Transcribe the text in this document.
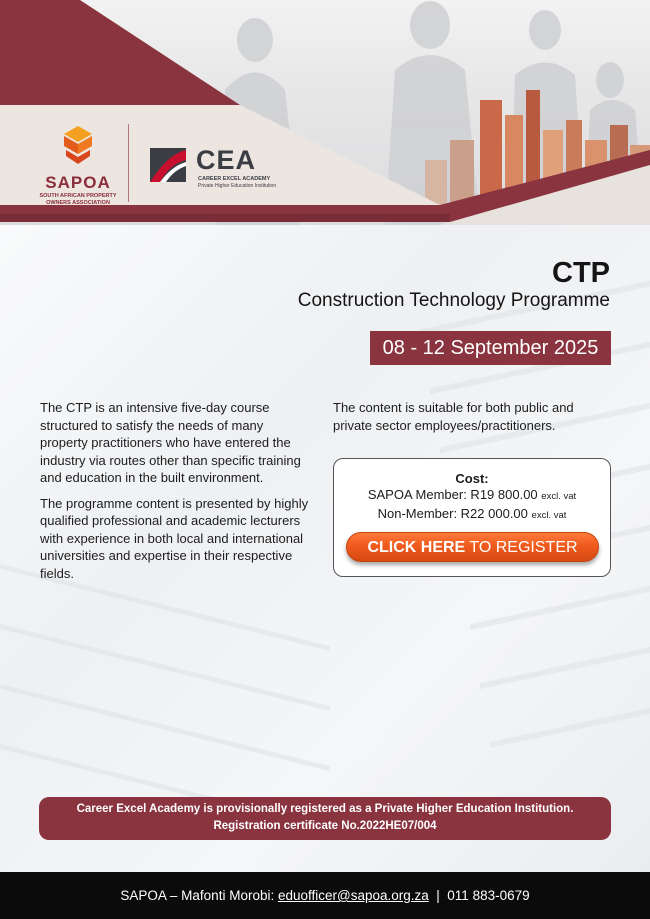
SAPOA
SOUTH AFRICAN PROPERTY
OWNERS ASSOCIATION
CEA
CAREER EXCEL ACADEMY
Private Higher Education Institution
CTP
Construction Technology Programme
08 - 12 September 2025

The CTP is an intensive five-day course structured to satisfy the needs of many property practitioners who have entered the industry via routes other than specific training and education in the built environment.

The programme content is presented by highly qualified professional and academic lecturers with experience in both local and international universities and expertise in their respective fields.

The content is suitable for both public and private sector employees/practitioners.
Cost:
SAPOA Member: R19 800.00 excl. vat
Non-Member: R22 000.00 excl. vat
CLICK HERE TO REGISTER
Career Excel Academy is provisionally registered as a Private Higher Education Institution.
Registration certificate No.2022HE07/004
SAPOA – Mafonti Morobi: eduofficer@sapoa.org.za  |  011 883-0679
